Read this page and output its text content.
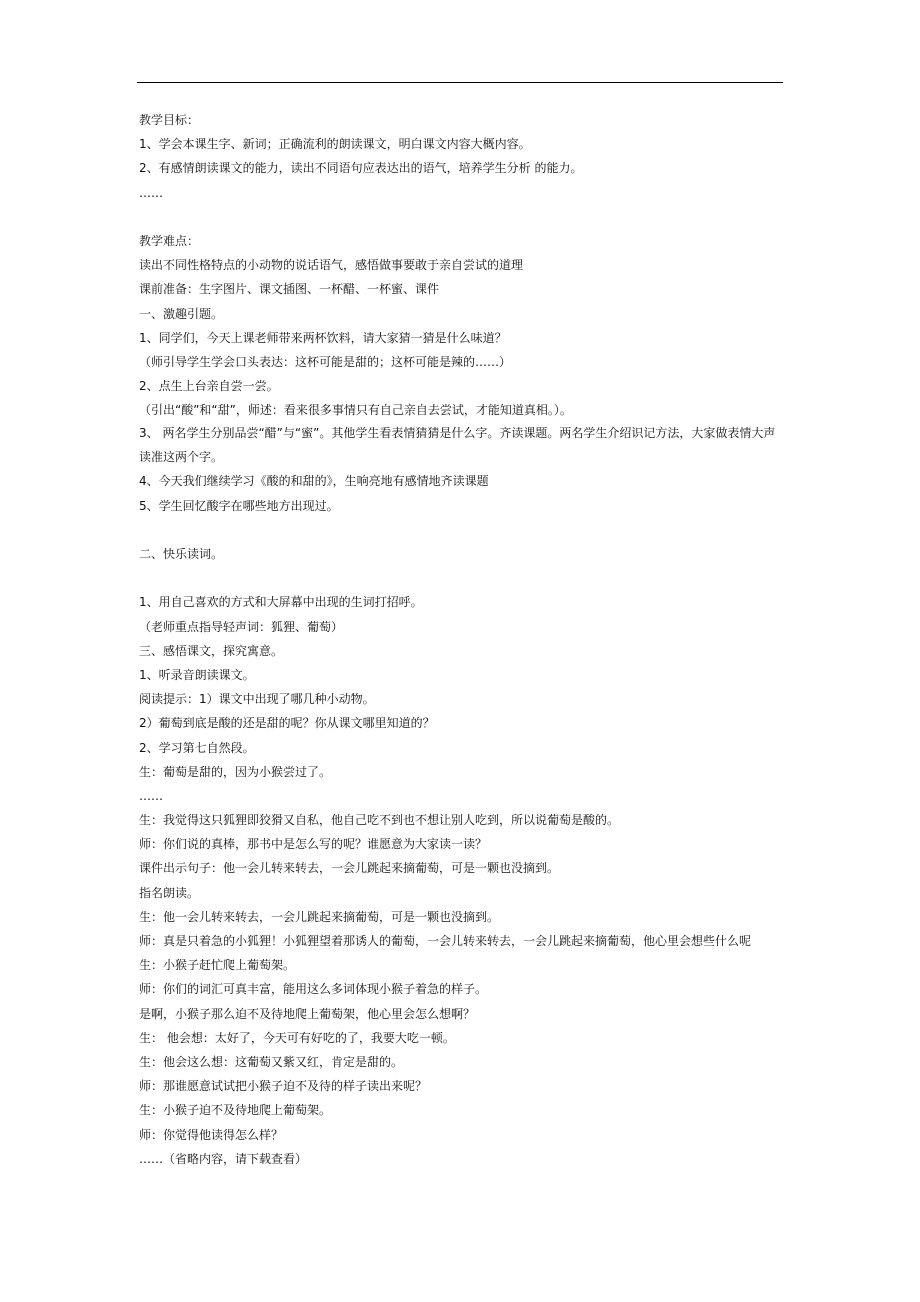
教学目标：
1、学会本课生字、新词；正确流利的朗读课文，明白课文内容大概内容。
2、有感情朗读课文的能力，读出不同语句应表达出的语气，培养学生分析 的能力。
……
教学难点：
读出不同性格特点的小动物的说话语气，感悟做事要敢于亲自尝试的道理
课前准备：生字图片、课文插图、一杯醋、一杯蜜、课件
一、激趣引题。
1、同学们，今天上课老师带来两杯饮料，请大家猜一猜是什么味道？
（师引导学生学会口头表达：这杯可能是甜的；这杯可能是辣的……）
2、点生上台亲自尝一尝。
（引出“酸”和“甜”，师述：看来很多事情只有自己亲自去尝试，才能知道真相。）。
3、 两名学生分别品尝“醋”与“蜜”。其他学生看表情猜猜是什么字。齐读课题。两名学生介绍识记方法，大家做表情大声读准这两个字。
4、今天我们继续学习《酸的和甜的》，生响亮地有感情地齐读课题
5、学生回忆酸字在哪些地方出现过。
二、快乐读词。
1、用自己喜欢的方式和大屏幕中出现的生词打招呼。
（老师重点指导轻声词：狐狸、葡萄）
三、感悟课文，探究寓意。
1、听录音朗读课文。
阅读提示：1）课文中出现了哪几种小动物。
2）葡萄到底是酸的还是甜的呢？你从课文哪里知道的？
2、学习第七自然段。
生：葡萄是甜的，因为小猴尝过了。
……
生：我觉得这只狐狸即狡猾又自私，他自己吃不到也不想让别人吃到，所以说葡萄是酸的。
师：你们说的真棒，那书中是怎么写的呢？谁愿意为大家读一读？
课件出示句子：他一会儿转来转去，一会儿跳起来摘葡萄，可是一颗也没摘到。
指名朗读。
生：他一会儿转来转去，一会儿跳起来摘葡萄，可是一颗也没摘到。
师：真是只着急的小狐狸！小狐狸望着那诱人的葡萄，一会儿转来转去，一会儿跳起来摘葡萄，他心里会想些什么呢
生：小猴子赶忙爬上葡萄架。
师：你们的词汇可真丰富，能用这么多词体现小猴子着急的样子。
是啊，小猴子那么迫不及待地爬上葡萄架，他心里会怎么想啊？
生： 他会想：太好了，今天可有好吃的了，我要大吃一顿。
生：他会这么想：这葡萄又紫又红，肯定是甜的。
师：那谁愿意试试把小猴子迫不及待的样子读出来呢？
生：小猴子迫不及待地爬上葡萄架。
师：你觉得他读得怎么样？
……（省略内容，请下载查看）
